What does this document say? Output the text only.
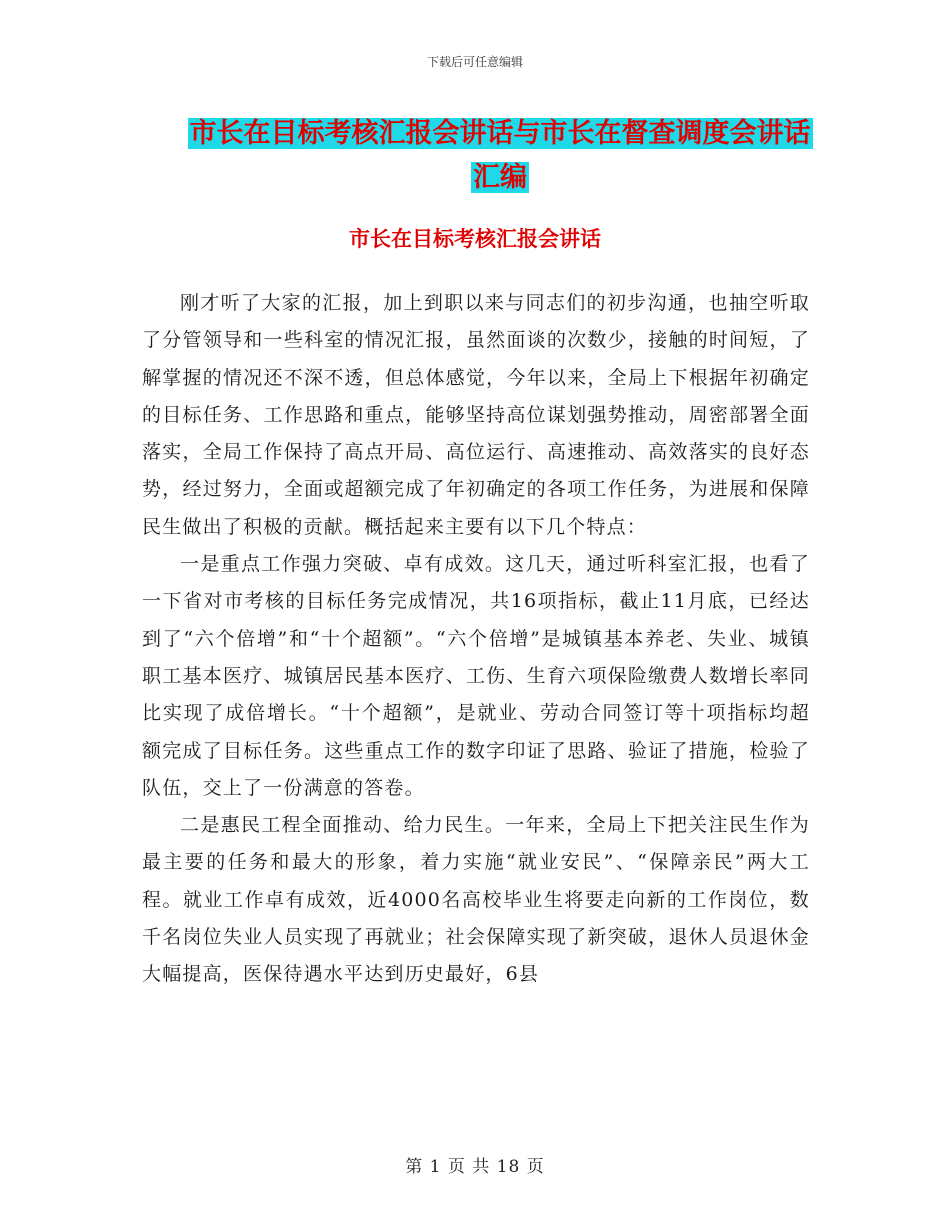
下载后可任意编辑
市长在目标考核汇报会讲话与市长在督查调度会讲话
汇编
市长在目标考核汇报会讲话

刚才听了大家的汇报，加上到职以来与同志们的初步沟通，也抽空听取了分管领导和一些科室的情况汇报，虽然面谈的次数少，接触的时间短，了解掌握的情况还不深不透，但总体感觉，今年以来，全局上下根据年初确定的目标任务、工作思路和重点，能够坚持高位谋划强势推动，周密部署全面落实，全局工作保持了高点开局、高位运行、高速推动、高效落实的良好态势，经过努力，全面或超额完成了年初确定的各项工作任务，为进展和保障民生做出了积极的贡献。概括起来主要有以下几个特点：

一是重点工作强力突破、卓有成效。这几天，通过听科室汇报，也看了一下省对市考核的目标任务完成情况，共16项指标，截止11月底，已经达到了“六个倍增”和“十个超额”。“六个倍增”是城镇基本养老、失业、城镇职工基本医疗、城镇居民基本医疗、工伤、生育六项保险缴费人数增长率同比实现了成倍增长。“十个超额”，是就业、劳动合同签订等十项指标均超额完成了目标任务。这些重点工作的数字印证了思路、验证了措施，检验了队伍，交上了一份满意的答卷。

二是惠民工程全面推动、给力民生。一年来，全局上下把关注民生作为最主要的任务和最大的形象，着力实施“就业安民”、“保障亲民”两大工程。就业工作卓有成效，近4000名高校毕业生将要走向新的工作岗位，数千名岗位失业人员实现了再就业；社会保障实现了新突破，退休人员退休金大幅提高，医保待遇水平达到历史最好，6县

第 1 页 共 18 页
